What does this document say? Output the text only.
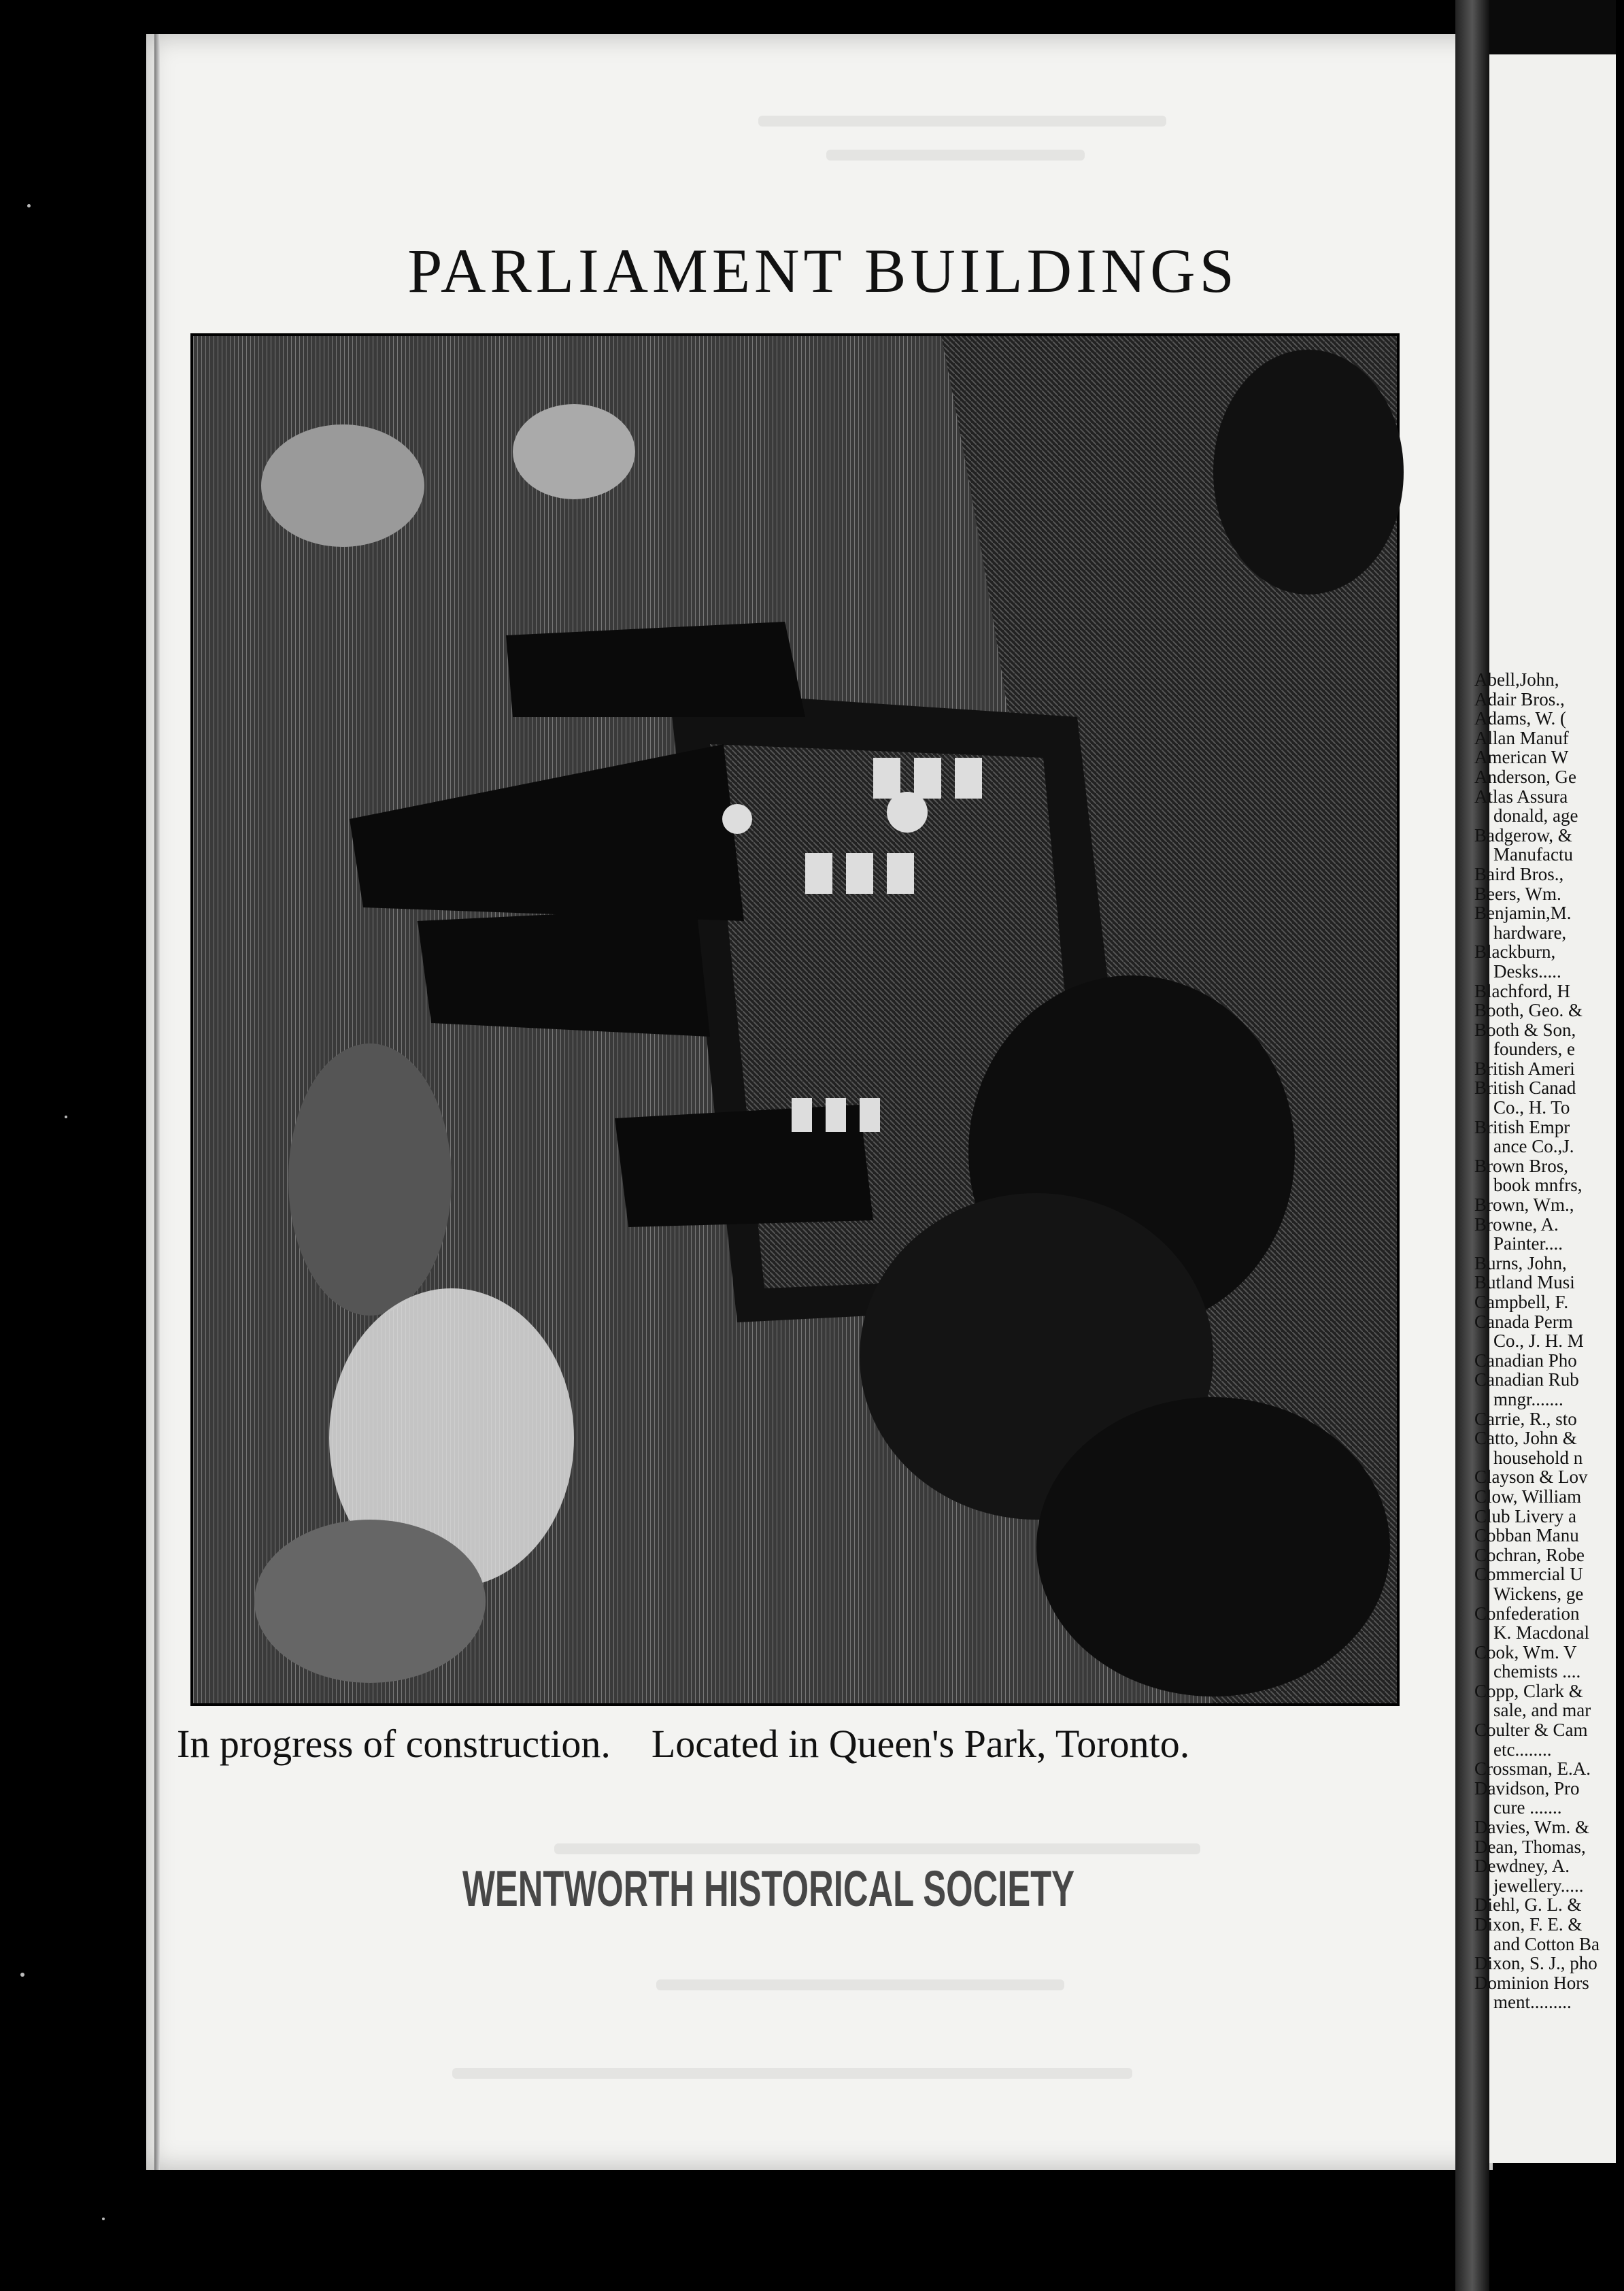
PARLIAMENT BUILDINGS
In progress of construction. Located in Queen's Park, Toronto.
WENTWORTH HISTORICAL SOCIETY
Abell,John,
Adair Bros.,
Adams, W. (
Allan Manuf
American W
Anderson, Ge
Atlas Assura
donald, age
Badgerow, &
Manufactu
Baird Bros.,
Beers, Wm.
Benjamin,M.
hardware,
Blackburn,
Desks.....
Blachford, H
Booth, Geo. &
Booth & Son,
founders, e
British Ameri
British Canad
Co., H. To
British Empr
ance Co.,J.
Brown Bros,
book mnfrs,
Brown, Wm.,
Browne, A.
Painter....
Burns, John,
Butland Musi
Campbell, F.
Canada Perm
Co., J. H. M
Canadian Pho
Canadian Rub
mngr.......
Carrie, R., sto
Catto, John &
household n
Clayson & Lov
Clow, William
Club Livery a
Cobban Manu
Cochran, Robe
Commercial U
Wickens, ge
Confederation
K. Macdonal
Cook, Wm. V
chemists ....
Copp, Clark &
sale, and mar
Coulter & Cam
etc........
Crossman, E.A.
Davidson, Pro
cure .......
Davies, Wm. &
Dean, Thomas,
Dewdney, A.
jewellery.....
Diehl, G. L. &
Dixon, F. E. &
and Cotton Ba
Dixon, S. J., pho
Dominion Hors
ment.........
